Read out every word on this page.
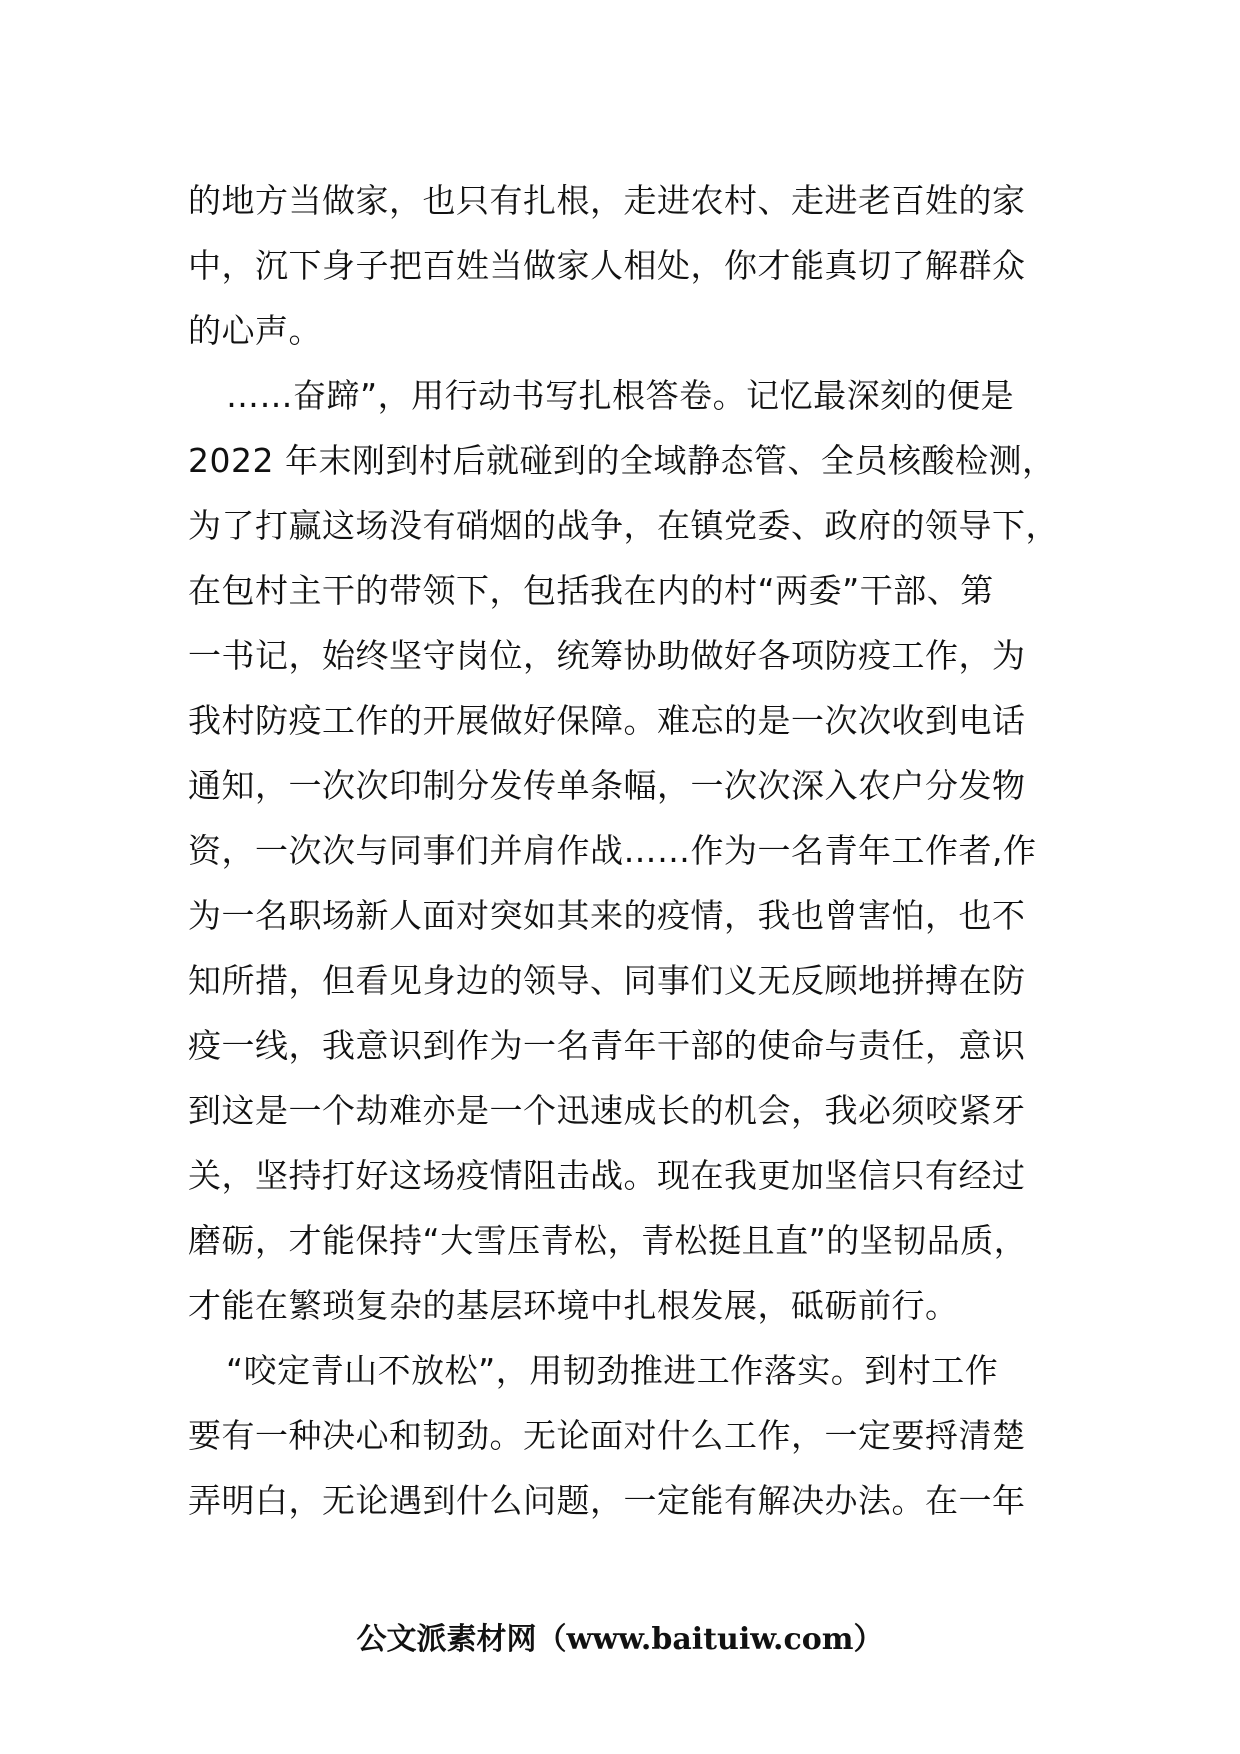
的地方当做家，也只有扎根，走进农村、走进老百姓的家
中，沉下身子把百姓当做家人相处，你才能真切了解群众
的心声。
……奋蹄”，用行动书写扎根答卷。记忆最深刻的便是
2022 年末刚到村后就碰到的全域静态管、全员核酸检测，
为了打赢这场没有硝烟的战争，在镇党委、政府的领导下，
在包村主干的带领下，包括我在内的村“两委”干部、第
一书记，始终坚守岗位，统筹协助做好各项防疫工作，为
我村防疫工作的开展做好保障。难忘的是一次次收到电话
通知，一次次印制分发传单条幅，一次次深入农户分发物
资，一次次与同事们并肩作战……作为一名青年工作者,作
为一名职场新人面对突如其来的疫情，我也曾害怕，也不
知所措，但看见身边的领导、同事们义无反顾地拼搏在防
疫一线，我意识到作为一名青年干部的使命与责任，意识
到这是一个劫难亦是一个迅速成长的机会，我必须咬紧牙
关，坚持打好这场疫情阻击战。现在我更加坚信只有经过
磨砺，才能保持“大雪压青松，青松挺且直”的坚韧品质，
才能在繁琐复杂的基层环境中扎根发展，砥砺前行。
“咬定青山不放松”，用韧劲推进工作落实。到村工作
要有一种决心和韧劲。无论面对什么工作，一定要捋清楚
弄明白，无论遇到什么问题，一定能有解决办法。在一年
公文派素材网（www.baituiw.com）
